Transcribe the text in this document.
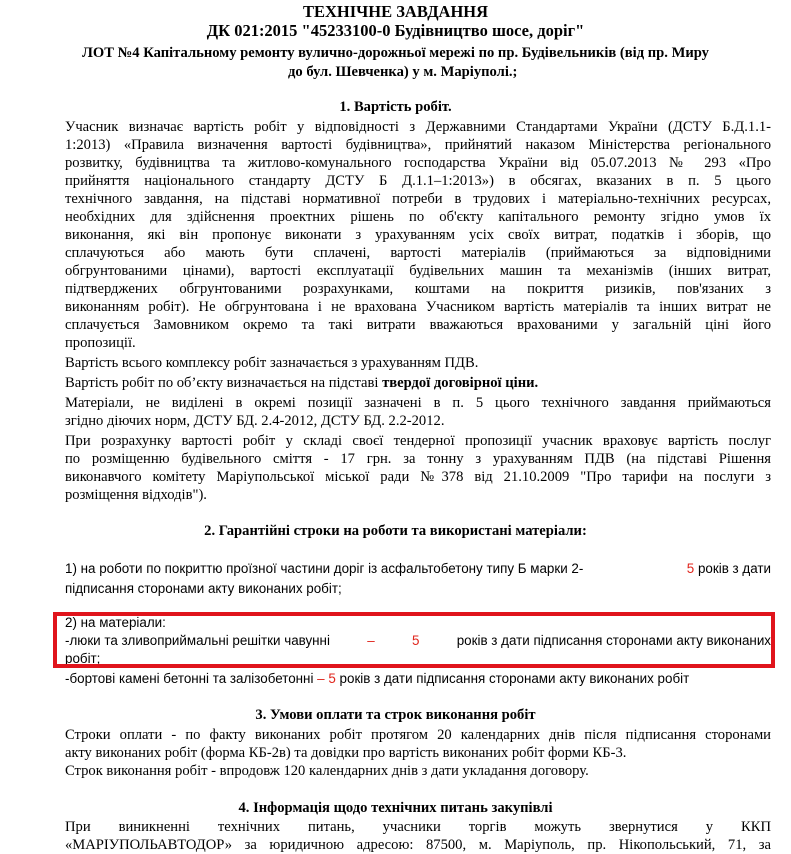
ТЕХНІЧНЕ ЗАВДАННЯ
ДК 021:2015 "45233100-0 Будівництво шосе, доріг"
ЛОТ №4 Капітальному ремонту вулично-дорожньої мережі по пр. Будівельників (від пр. Миру
до бул. Шевченка) у м. Маріуполі.;
1. Вартість робіт.
Учасник визначає вартість робіт у відповідності з Державними Стандартами України (ДСТУ Б.Д.1.1-
1:2013) «Правила визначення вартості будівництва», прийнятий наказом Міністерства регіонального
розвитку, будівництва та житлово-комунального господарства України від 05.07.2013 № 293 «Про
прийняття національного стандарту ДСТУ Б Д.1.1–1:2013») в обсягах, вказаних в п. 5 цього
технічного завдання, на підставі нормативної потреби в трудових і матеріально-технічних ресурсах,
необхідних для здійснення проектних рішень по об'єкту капітального ремонту згідно умов їх
виконання, які він пропонує виконати з урахуванням усіх своїх витрат, податків і зборів, що
сплачуються або мають бути сплачені, вартості матеріалів (приймаються за відповідними
обгрунтованими цінами), вартості експлуатації будівельних машин та механізмів (інших витрат,
підтверджених обгрунтованими розрахунками, коштами на покриття ризиків, пов'язаних з
виконанням робіт). Не обгрунтована і не врахована Учасником вартість матеріалів та інших витрат не
сплачується Замовником окремо та такі витрати вважаються врахованими у загальній ціні його
пропозиції.
Вартість всього комплексу робіт зазначається з урахуванням ПДВ.
Вартість робіт по об’єкту визначається на підставі твердої договірної ціни.
Матеріали, не виділені в окремі позиції зазначені в п. 5 цього технічного завдання приймаються
згідно діючих норм, ДСТУ БД. 2.4-2012, ДСТУ БД. 2.2-2012.
При розрахунку вартості робіт у складі своєї тендерної пропозиції учасник враховує вартість послуг
по розміщенню будівельного сміття - 17 грн. за тонну з урахуванням ПДВ (на підставі Рішення
виконавчого комітету Маріупольської міської ради №378 від 21.10.2009 "Про тарифи на послуги з
розміщення відходів").
2. Гарантійні строки на роботи та використані матеріали:
1) на роботи по покриттю проїзної частини доріг із асфальтобетону типу Б марки 2-	5 років з дати
підписання сторонами акту виконаних робіт;
2) на матеріали:
-люки та зливоприймальні решітки чавунні	–	5	років з дати підписання сторонами акту виконаних
робіт;
-бортові камені бетонні та залізобетонні – 5 років з дати підписання сторонами акту виконаних робіт
3. Умови оплати та строк виконання робіт
Строки оплати - по факту виконаних робіт протягом 20 календарних днів після підписання сторонами
акту виконаних робіт (форма КБ-2в) та довідки про вартість виконаних робіт форми КБ-3.
Строк виконання робіт - впродовж 120 календарних днів з дати укладання договору.
4. Інформація щодо технічних питань закупівлі
При виникненні технічних питань, учасники торгів можуть звернутися у ККП
«МАРІУПОЛЬАВТОДОР» за юридичною адресою: 87500, м. Маріуполь, пр. Нікопольський, 71, за
